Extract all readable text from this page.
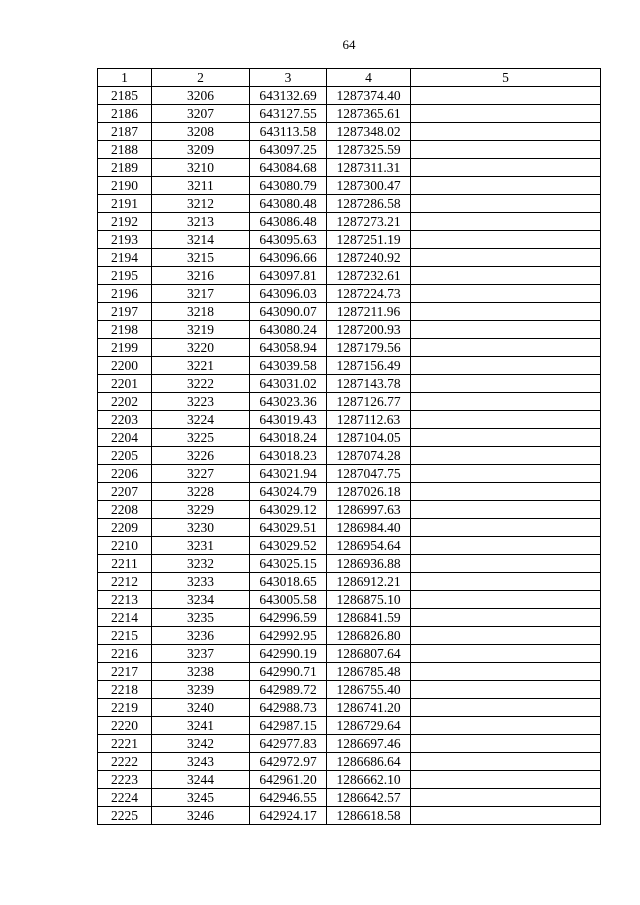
64
1	2	3	4	5
2185	3206	643132.69	1287374.40	
2186	3207	643127.55	1287365.61	
2187	3208	643113.58	1287348.02	
2188	3209	643097.25	1287325.59	
2189	3210	643084.68	1287311.31	
2190	3211	643080.79	1287300.47	
2191	3212	643080.48	1287286.58	
2192	3213	643086.48	1287273.21	
2193	3214	643095.63	1287251.19	
2194	3215	643096.66	1287240.92	
2195	3216	643097.81	1287232.61	
2196	3217	643096.03	1287224.73	
2197	3218	643090.07	1287211.96	
2198	3219	643080.24	1287200.93	
2199	3220	643058.94	1287179.56	
2200	3221	643039.58	1287156.49	
2201	3222	643031.02	1287143.78	
2202	3223	643023.36	1287126.77	
2203	3224	643019.43	1287112.63	
2204	3225	643018.24	1287104.05	
2205	3226	643018.23	1287074.28	
2206	3227	643021.94	1287047.75	
2207	3228	643024.79	1287026.18	
2208	3229	643029.12	1286997.63	
2209	3230	643029.51	1286984.40	
2210	3231	643029.52	1286954.64	
2211	3232	643025.15	1286936.88	
2212	3233	643018.65	1286912.21	
2213	3234	643005.58	1286875.10	
2214	3235	642996.59	1286841.59	
2215	3236	642992.95	1286826.80	
2216	3237	642990.19	1286807.64	
2217	3238	642990.71	1286785.48	
2218	3239	642989.72	1286755.40	
2219	3240	642988.73	1286741.20	
2220	3241	642987.15	1286729.64	
2221	3242	642977.83	1286697.46	
2222	3243	642972.97	1286686.64	
2223	3244	642961.20	1286662.10	
2224	3245	642946.55	1286642.57	
2225	3246	642924.17	1286618.58	
